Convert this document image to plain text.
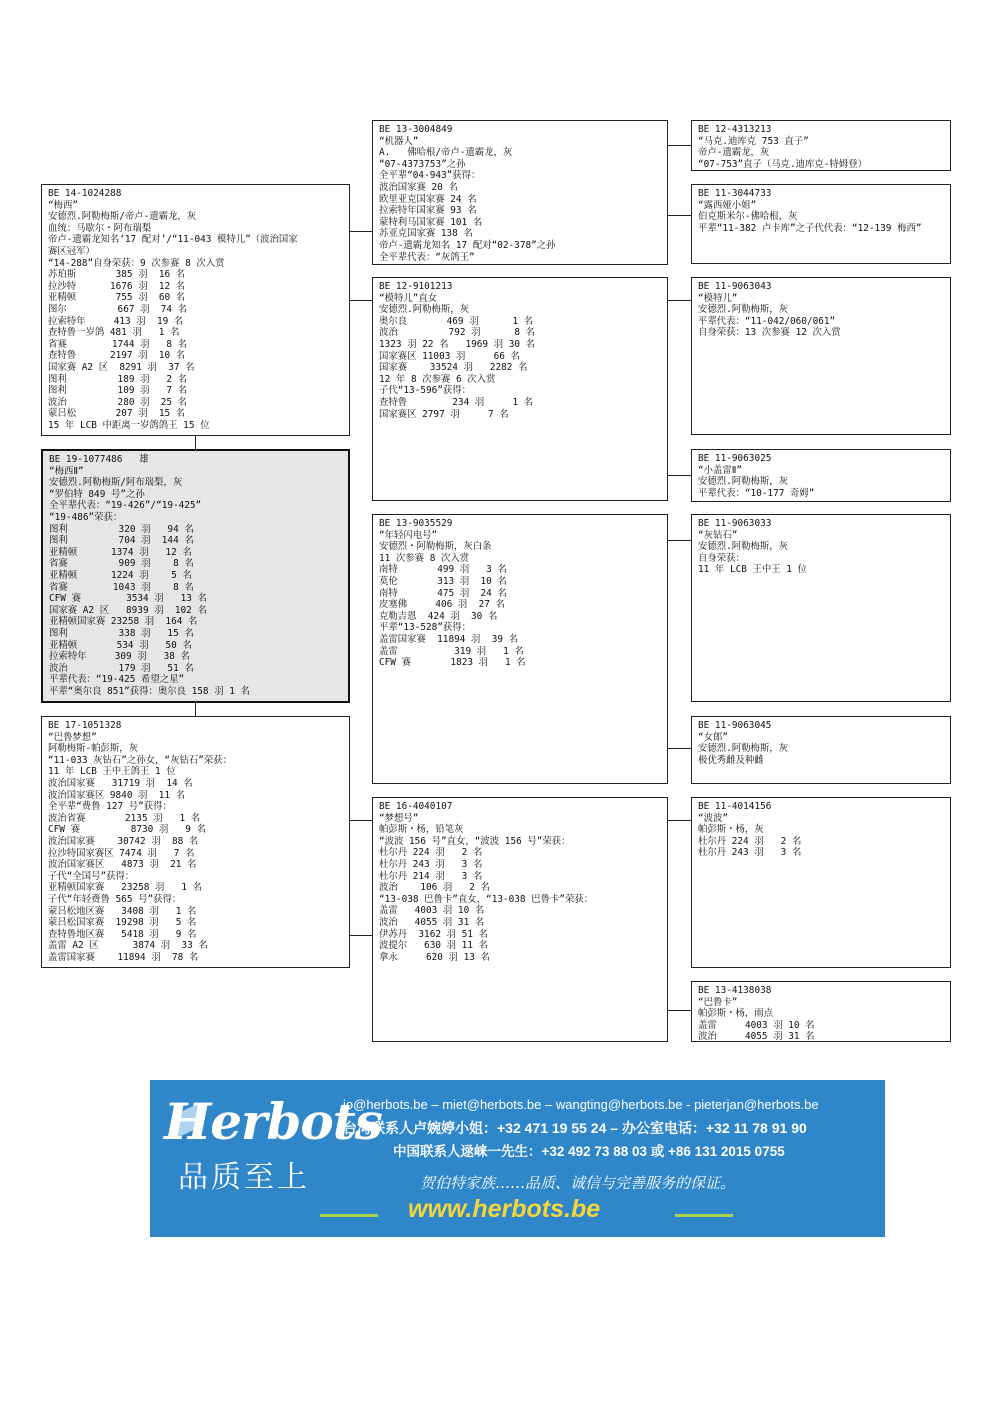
BE 19-1077486   雄
“梅西Ⅱ”
安德烈.阿勒梅斯/阿布瑞梨，灰
“罗伯特 849 号”之孙
全平辈代表：“19-426”/“19-425”
“19-486”荣获：
图利         320 羽   94 名
图利         704 羽  144 名
亚精顿      1374 羽   12 名
省赛         909 羽    8 名
亚精顿      1224 羽    5 名
省赛        1043 羽    8 名
CFW 赛        3534 羽   13 名
国家赛 A2 区   8939 羽  102 名
亚精顿国家赛 23258 羽  164 名
图利         338 羽   15 名
亚精顿       534 羽   50 名
拉索特年     309 羽   38 名
波治         179 羽   51 名
平辈代表：“19-425 希望之星”
平辈“奥尔良 851”获得：奥尔良 158 羽 1 名
BE 14-1024288
“梅西”
安德烈.阿勒梅斯/帝卢-遗霸龙，灰
血统：马歇尔・阿布瑞梨
帝卢-遗霸龙知名‘17 配对’/“11-043 模特儿”（波治国家
赛区冠军）
“14-288”自身荣获：9 次参赛 8 次入赏
苏珀斯       385 羽  16 名
拉沙特      1676 羽  12 名
亚精顿       755 羽  60 名
图尔         667 羽  74 名
拉索特年     413 羽  19 名
查特鲁一岁鸽 481 羽   1 名
省赛        1744 羽   8 名
查特鲁      2197 羽  10 名
国家赛 A2 区  8291 羽  37 名
图利         189 羽   2 名
图利         109 羽   7 名
波治         280 羽  25 名
蒙吕松       207 羽  15 名
15 年 LCB 中距离一岁鸽鸽王 15 位
BE 17-1051328
“巴鲁梦想”
阿勒梅斯-帕彭斯，灰
“11-033 灰钻石”之孙女，“灰钻石”荣获：
11 年 LCB 王中王鸽王 1 位
波治国家赛   31719 羽  14 名
波治国家赛区 9840 羽  11 名
全平辈“费鲁 127 号”获得：
波治省赛       2135 羽   1 名
CFW 赛         8730 羽   9 名
波治国家赛    30742 羽  88 名
拉沙特国家赛区 7474 羽   7 名
波治国家赛区   4873 羽  21 名
子代“全国号”获得：
亚精顿国家赛   23258 羽   1 名
子代“年轻费鲁 565 号”获得：
蒙吕松地区赛   3408 羽   1 名
蒙吕松国家赛  19298 羽   5 名
查特鲁地区赛   5418 羽   9 名
盖雷 A2 区      3874 羽  33 名
盖雷国家赛    11894 羽  78 名
BE 13-3004849
“机器人”
A.   佛哈根/帝卢-遗霸龙，灰
“07-4373753”之孙
全平辈“04-943”获得：
波治国家赛 20 名
欧里亚克国家赛 24 名
拉索特年国家赛 93 名
蒙特利马国家赛 101 名
苏亚克国家赛 138 名
帝卢-遗霸龙知名 17 配对“02-378”之孙
全平辈代表：“灰鸽王”
BE 12-9101213
“模特儿”直女
安德烈.阿勒梅斯，灰
奥尔良       469 羽      1 名
波治         792 羽      8 名
1323 羽 22 名   1969 羽 30 名
国家赛区 11003 羽     66 名
国家赛    33524 羽   2282 名
12 年 8 次参赛 6 次入赏
子代“13-596”获得：
查特鲁        234 羽     1 名
国家赛区 2797 羽     7 名
BE 13-9035529
“年轻闪电号”
安德烈・阿勒梅斯，灰白条
11 次参赛 8 次入赏
南特       499 羽   3 名
莫伦       313 羽  10 名
南特       475 羽  24 名
皮塞佛     406 羽  27 名
克勒吉恩  424 羽  30 名
平辈“13-528”获得：
盖雷国家赛  11894 羽  39 名
盖雷          319 羽   1 名
CFW 赛       1823 羽   1 名
BE 16-4040107
“梦想号”
帕彭斯・杨，铅笔灰
“波波 156 号”直女，“波波 156 号”荣获：
杜尔丹 224 羽   2 名
杜尔丹 243 羽   3 名
杜尔丹 214 羽   3 名
波治    106 羽   2 名
“13-038 巴鲁卡”直女，“13-038 巴鲁卡”荣获：
盖雷   4003 羽 10 名
波治   4055 羽 31 名
伊苏丹  3162 羽 51 名
波提尔   630 羽 11 名
拿永     620 羽 13 名
BE 12-4313213
“马克.迪库克 753 直子”
帝卢-遗霸龙，灰
“07-753”直子（马克.迪库克-特姆登）
BE 11-3044733
“露西娅小姐”
伯克斯米尔-佛哈根，灰
平辈“11-382 卢卡库”之子代代表：“12-139 梅西”
BE 11-9063043
“模特儿”
安德烈.阿勒梅斯，灰
平辈代表：“11-042/060/061”
自身荣获：13 次参赛 12 次入赏
BE 11-9063025
“小盖雷Ⅱ”
安德烈.阿勒梅斯，灰
平辈代表：“10-177 奇姆”
BE 11-9063033
“灰钻石”
安德烈.阿勒梅斯，灰
自身荣获：
11 年 LCB 王中王 1 位
BE 11-9063045
“女郎”
安德烈.阿勒梅斯，灰
极优秀雌及种雌
BE 11-4014156
“波波”
帕彭斯・杨，灰
杜尔丹 224 羽   2 名
杜尔丹 243 羽   3 名
BE 13-4138038
“巴鲁卡”
帕彭斯・杨，雨点
盖雷     4003 羽 10 名
波治     4055 羽 31 名
Herbots
品质至上
jo@herbots.be – miet@herbots.be – wangting@herbots.be - pieterjan@herbots.be
台湾联系人卢婉婷小姐：+32 471 19 55 24 – 办公室电话：+32 11 78 91 90
中国联系人逯崃一先生：+32 492 73 88 03 或 +86 131 2015 0755
贺伯特家族……品质、诚信与完善服务的保证。
www.herbots.be
